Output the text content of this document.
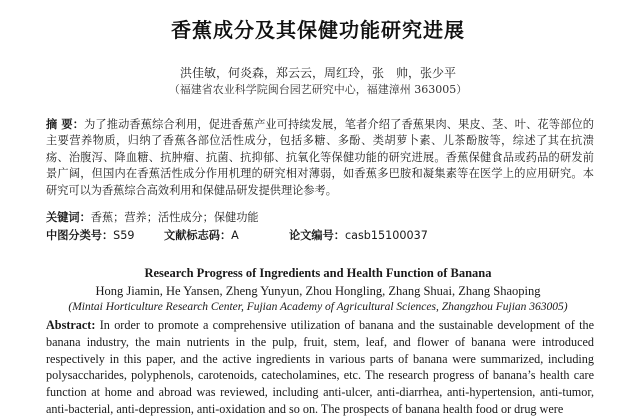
香蕉成分及其保健功能研究进展
洪佳敏，何炎森，郑云云，周红玲，张　帅，张少平
（福建省农业科学院闽台园艺研究中心，福建漳州 363005）
摘 要：为了推动香蕉综合利用，促进香蕉产业可持续发展，笔者介绍了香蕉果肉、果皮、茎、叶、花等部位的主要营养物质，归纳了香蕉各部位活性成分，包括多糖、多酚、类胡萝卜素、儿茶酚胺等，综述了其在抗溃疡、治腹泻、降血糖、抗肿瘤、抗菌、抗抑郁、抗氧化等保健功能的研究进展。香蕉保健食品或药品的研发前景广阔，但国内在香蕉活性成分作用机理的研究相对薄弱，如香蕉多巴胺和凝集素等在医学上的应用研究。本研究可以为香蕉综合高效利用和保健品研发提供理论参考。
关键词：香蕉；营养；活性成分；保健功能
中图分类号：S59	文献标志码：A	论文编号：casb15100037
Research Progress of Ingredients and Health Function of Banana
Hong Jiamin, He Yansen, Zheng Yunyun, Zhou Hongling, Zhang Shuai, Zhang Shaoping
(Mintai Horticulture Research Center, Fujian Academy of Agricultural Sciences, Zhangzhou Fujian 363005)
Abstract: In order to promote a comprehensive utilization of banana and the sustainable development of the banana industry, the main nutrients in the pulp, fruit, stem, leaf, and flower of banana were introduced respectively in this paper, and the active ingredients in various parts of banana were summarized, including polysaccharides, polyphenols, carotenoids, catecholamines, etc. The research progress of banana’s health care function at home and abroad was reviewed, including anti-ulcer, anti-diarrhea, anti-hypertension, anti-tumor, anti-bacterial, anti-depression, anti-oxidation and so on. The prospects of banana health food or drug were
